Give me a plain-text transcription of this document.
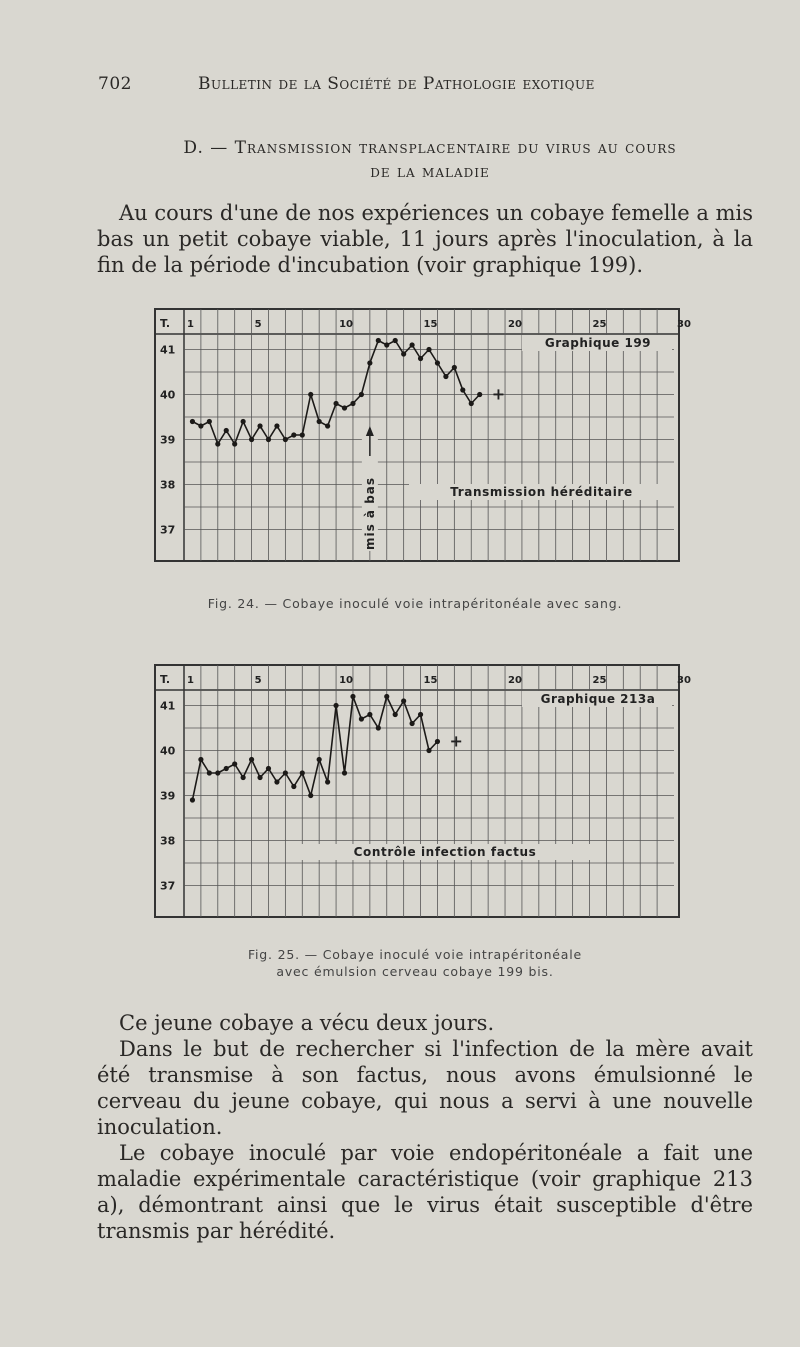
702	Bulletin de la Société de Pathologie exotique
D. — Transmission transplacentaire du virus au cours
de la maladie

Au cours d'une de nos expériences un cobaye femelle a mis bas un petit cobaye viable, 11 jours après l'inoculation, à la fin de la période d'incubation (voir graphique 199).

T.
41
40
39
38
37
1	5	10	15	20	25	30
Graphique 199
Transmission héréditaire
mis à bas
+
Fig. 24. — Cobaye inoculé voie intrapéritonéale avec sang.
T.
41
40
39
38
37
1	5	10	15	20	25	30
Graphique 213a
Contrôle infection factus
+
Fig. 25. — Cobaye inoculé voie intrapéritonéale
avec émulsion cerveau cobaye 199 bis.

Ce jeune cobaye a vécu deux jours.

Dans le but de rechercher si l'infection de la mère avait été transmise à son factus, nous avons émulsionné le cerveau du jeune cobaye, qui nous a servi à une nouvelle inoculation.

Le cobaye inoculé par voie endopéritonéale a fait une maladie expérimentale caractéristique (voir graphique 213 a), démontrant ainsi que le virus était susceptible d'être transmis par hérédité.
